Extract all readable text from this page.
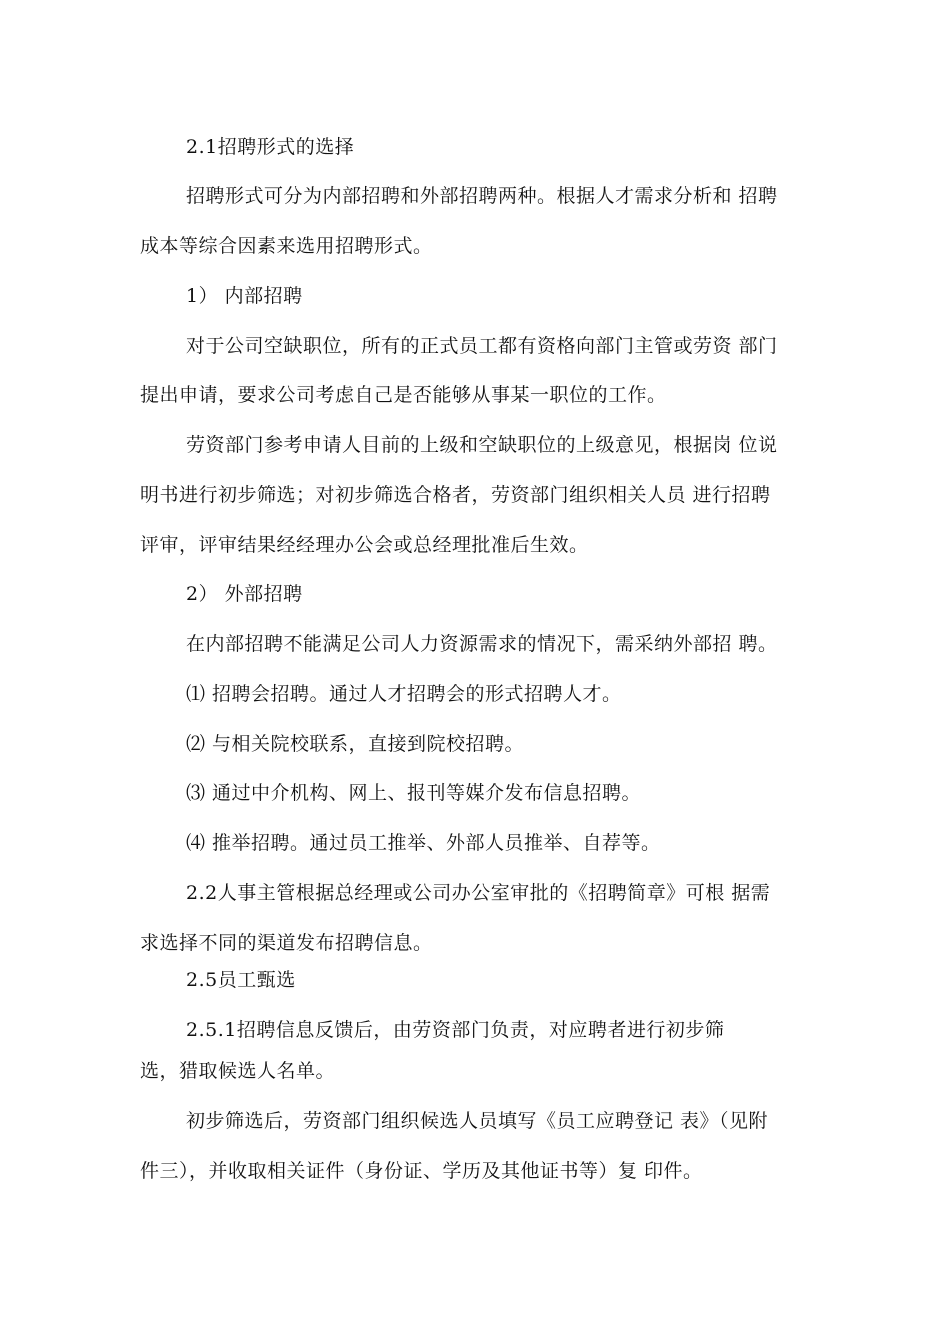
2.1招聘形式的选择
招聘形式可分为内部招聘和外部招聘两种。根据人才需求分析和 招聘
成本等综合因素来选用招聘形式。
1） 内部招聘
对于公司空缺职位，所有的正式员工都有资格向部门主管或劳资 部门
提出申请，要求公司考虑自己是否能够从事某一职位的工作。
劳资部门参考申请人目前的上级和空缺职位的上级意见，根据岗 位说
明书进行初步筛选；对初步筛选合格者，劳资部门组织相关人员 进行招聘
评审，评审结果经经理办公会或总经理批准后生效。
2） 外部招聘
在内部招聘不能满足公司人力资源需求的情况下，需采纳外部招 聘。
⑴ 招聘会招聘。通过人才招聘会的形式招聘人才。
⑵ 与相关院校联系，直接到院校招聘。
⑶ 通过中介机构、网上、报刊等媒介发布信息招聘。
⑷ 推举招聘。通过员工推举、外部人员推举、自荐等。
2.2人事主管根据总经理或公司办公室审批的《招聘简章》可根 据需
求选择不同的渠道发布招聘信息。
2.5员工甄选
2.5.1招聘信息反馈后，由劳资部门负责，对应聘者进行初步筛
选，猎取候选人名单。
初步筛选后，劳资部门组织候选人员填写《员工应聘登记 表》（见附
件三），并收取相关证件（身份证、学历及其他证书等）复 印件。
